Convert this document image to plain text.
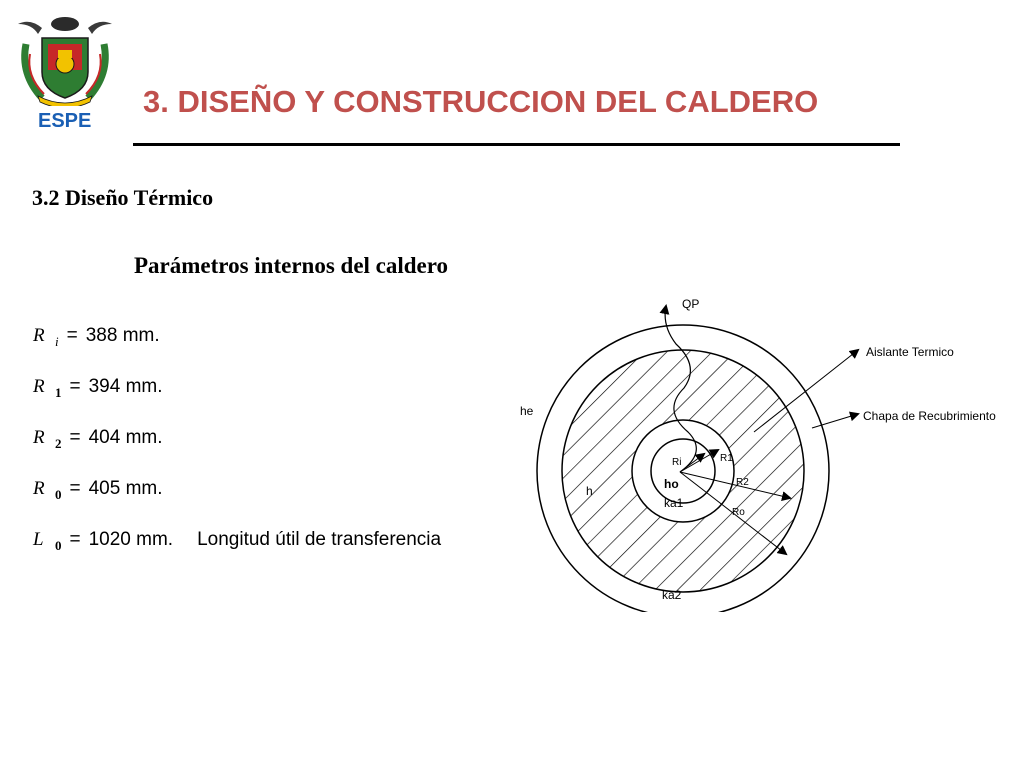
ESPE
3. DISEÑO Y CONSTRUCCION DEL CALDERO
3.2 Diseño Térmico
Parámetros internos del caldero
R i = 388 mm.
R 1 = 394 mm.
R 2 = 404 mm.
R 0 = 405 mm.
L 0 = 1020 mm. Longitud útil de transferencia
QP
Aislante Termico
Chapa de Recubrimiento
he
h
Ri	R1
R2
Ro
ho
ka1
ka2
